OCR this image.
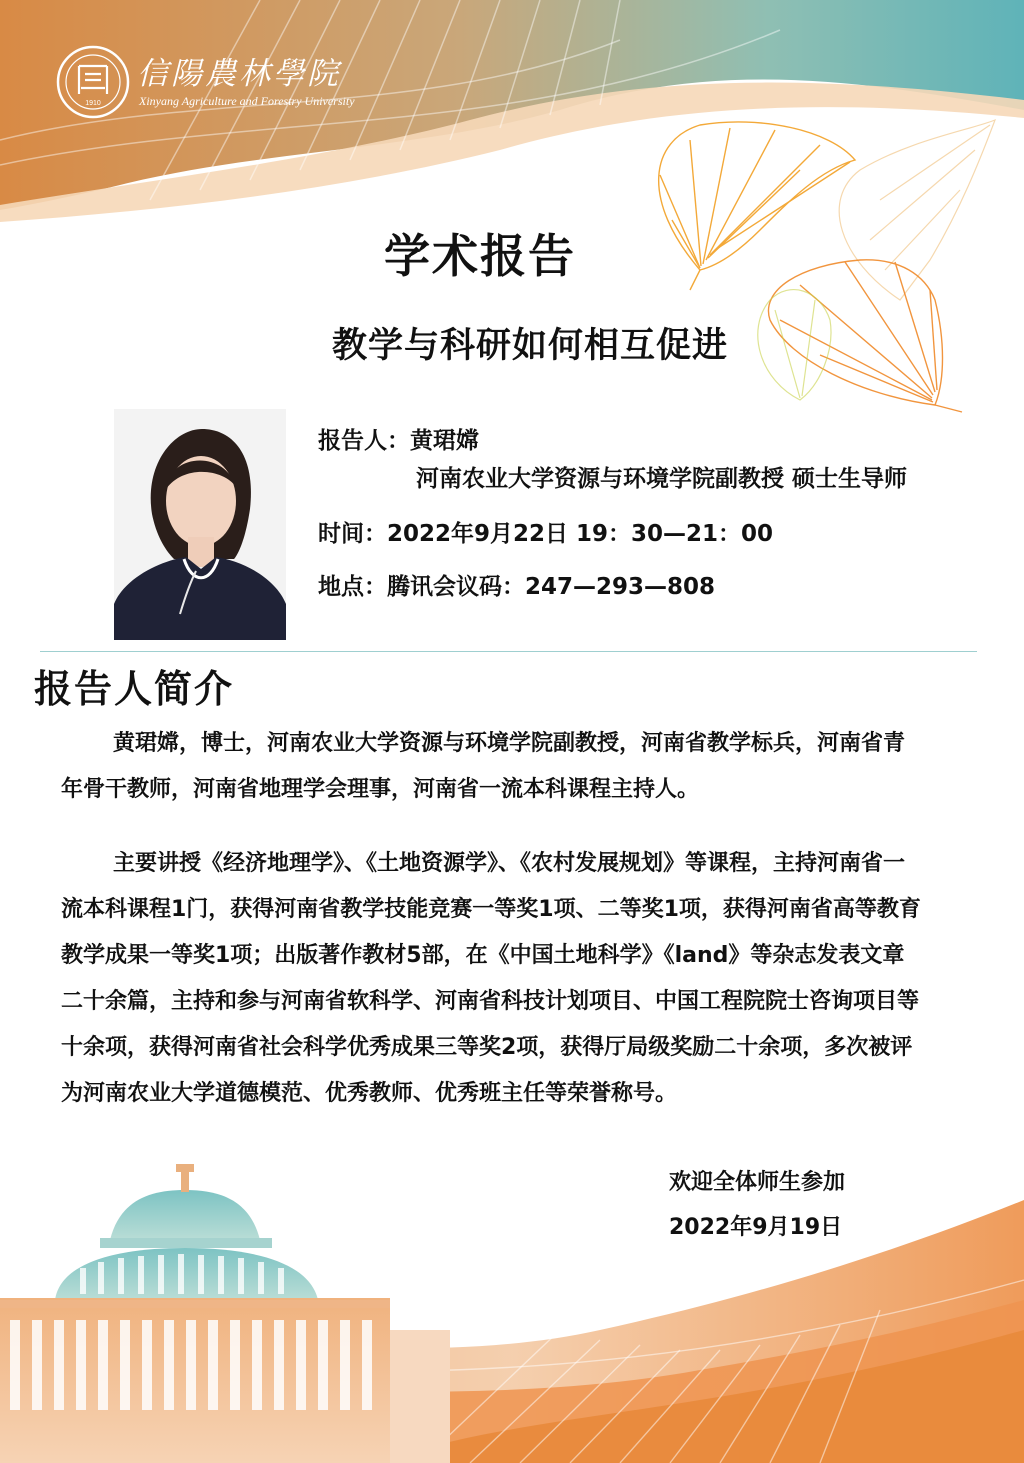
1910
信陽農林學院
Xinyang Agriculture and Forestry University
学术报告
教学与科研如何相互促进
报告人：黄珺嫦
河南农业大学资源与环境学院副教授 硕士生导师
时间：2022年9月22日 19：30—21：00
地点：腾讯会议码：247—293—808
报告人简介
黄珺嫦，博士，河南农业大学资源与环境学院副教授，河南省教学标兵，河南省青年骨干教师，河南省地理学会理事，河南省一流本科课程主持人。
主要讲授《经济地理学》、《土地资源学》、《农村发展规划》等课程，主持河南省一流本科课程1门，获得河南省教学技能竞赛一等奖1项、二等奖1项，获得河南省高等教育教学成果一等奖1项；出版著作教材5部，在《中国土地科学》《land》等杂志发表文章二十余篇，主持和参与河南省软科学、河南省科技计划项目、中国工程院院士咨询项目等十余项，获得河南省社会科学优秀成果三等奖2项，获得厅局级奖励二十余项，多次被评为河南农业大学道德模范、优秀教师、优秀班主任等荣誉称号。
欢迎全体师生参加
2022年9月19日
